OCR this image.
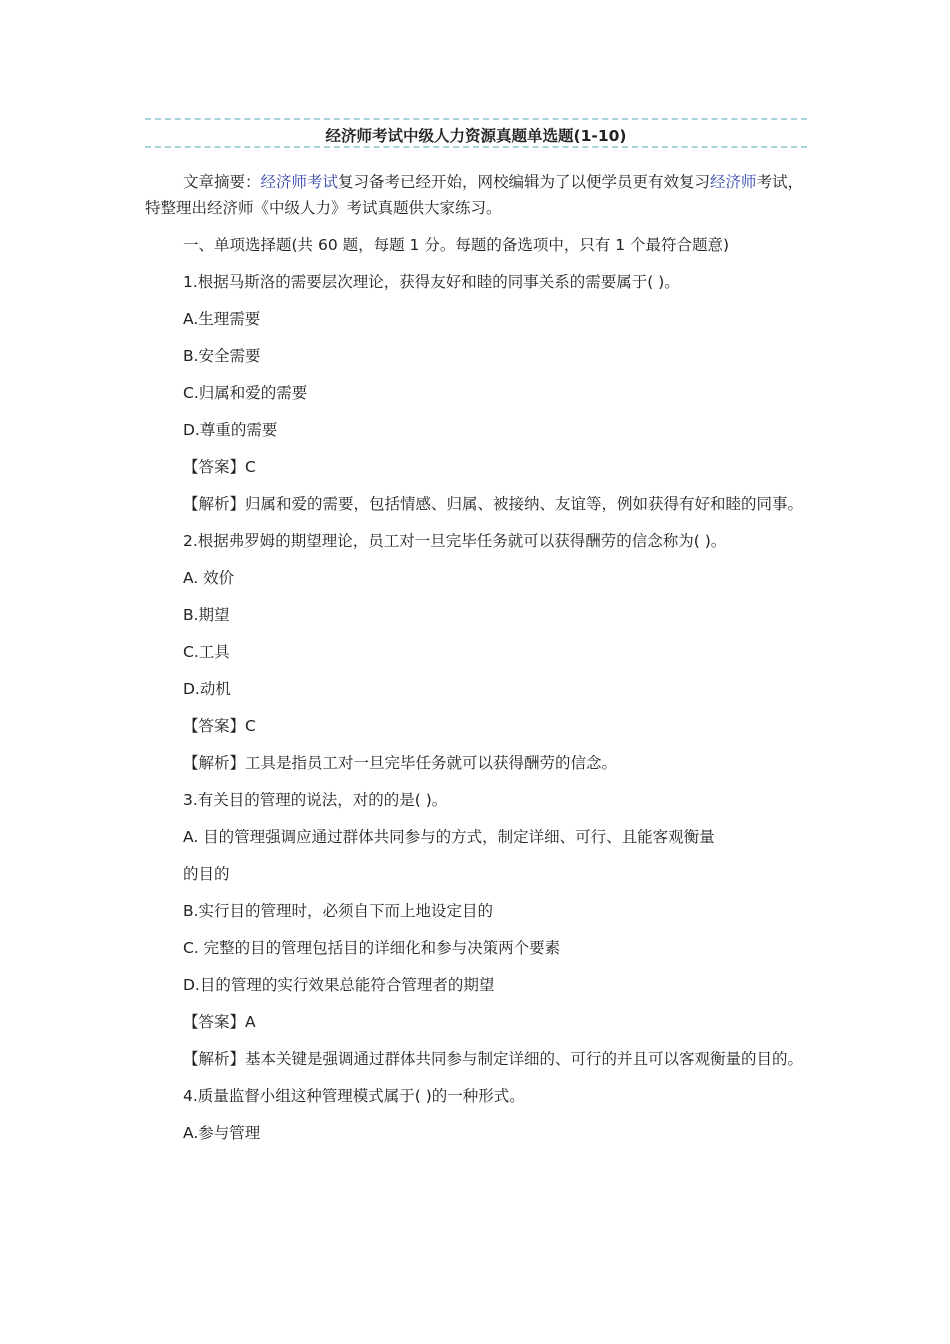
经济师考试中级人力资源真题单选题(1-10)

文章摘要：经济师考试复习备考已经开始，网校编辑为了以便学员更有效复习经济师考试，特整理出经济师《中级人力》考试真题供大家练习。

一、单项选择题(共 60 题，每题 1 分。每题的备选项中，只有 1 个最符合题意)

1.根据马斯洛的需要层次理论，获得友好和睦的同事关系的需要属于( )。

A.生理需要

B.安全需要

C.归属和爱的需要

D.尊重的需要

【答案】C

【解析】归属和爱的需要，包括情感、归属、被接纳、友谊等，例如获得有好和睦的同事。

2.根据弗罗姆的期望理论，员工对一旦完毕任务就可以获得酬劳的信念称为( )。

A. 效价

B.期望

C.工具

D.动机

【答案】C

【解析】工具是指员工对一旦完毕任务就可以获得酬劳的信念。

3.有关目的管理的说法，对的的是( )。

A. 目的管理强调应通过群体共同参与的方式，制定详细、可行、且能客观衡量

的目的

B.实行目的管理时，必须自下而上地设定目的

C. 完整的目的管理包括目的详细化和参与决策两个要素

D.目的管理的实行效果总能符合管理者的期望

【答案】A

【解析】基本关键是强调通过群体共同参与制定详细的、可行的并且可以客观衡量的目的。

4.质量监督小组这种管理模式属于( )的一种形式。

A.参与管理
